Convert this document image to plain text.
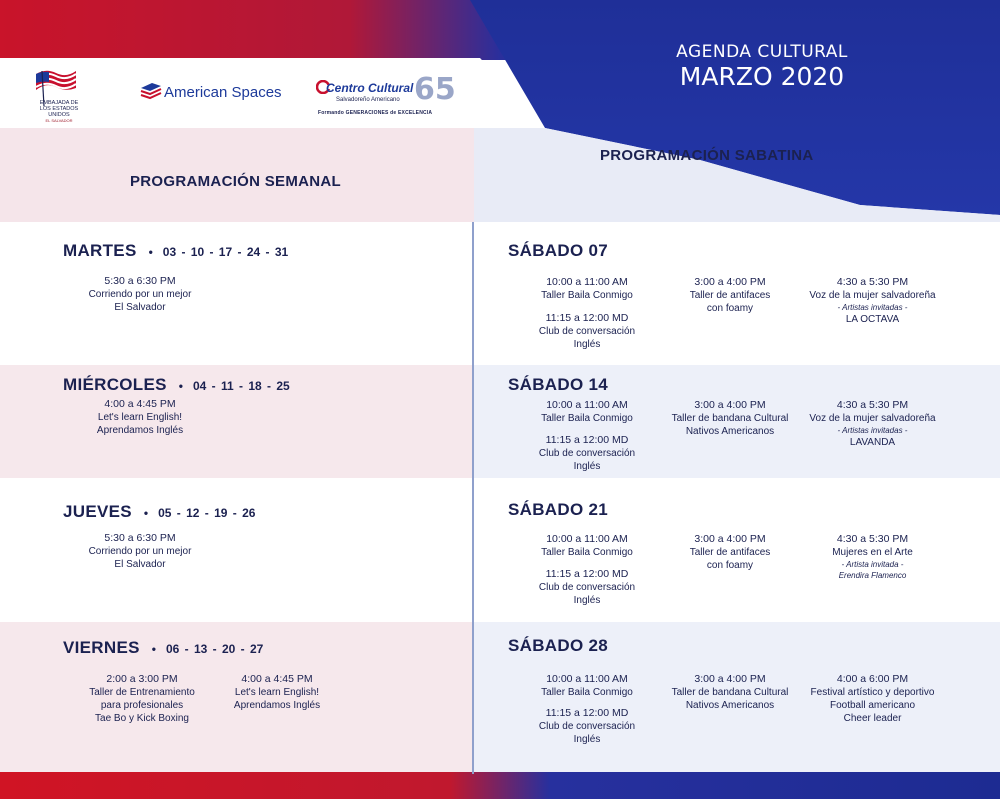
AGENDA CULTURAL
MARZO 2020
EMBAJADA DE LOS ESTADOS UNIDOS
EL SALVADOR
American Spaces	Centro Cultural
Salvadoreño Americano 65
Formando GENERACIONES de EXCELENCIA
PROGRAMACIÓN SEMANAL
PROGRAMACIÓN SABATINA
MARTES • 03 - 10 - 17 - 24 - 31
5:30 a 6:30 PM
Corriendo por un mejor
El Salvador
MIÉRCOLES • 04 - 11 - 18 - 25
4:00 a 4:45 PM
Let's learn English!
Aprendamos Inglés
JUEVES • 05 - 12 - 19 - 26
5:30 a 6:30 PM
Corriendo por un mejor
El Salvador
VIERNES • 06 - 13 - 20 - 27
2:00 a 3:00 PM
Taller de Entrenamiento
para profesionales
Tae Bo y Kick Boxing
4:00 a 4:45 PM
Let's learn English!
Aprendamos Inglés
SÁBADO 07
10:00 a 11:00 AM
Taller Baila Conmigo
11:15 a 12:00 MD
Club de conversación
Inglés
3:00 a 4:00 PM
Taller de antifaces
con foamy
4:30 a 5:30 PM
Voz de la mujer salvadoreña
- Artistas invitadas -
LA OCTAVA
SÁBADO 14
10:00 a 11:00 AM
Taller Baila Conmigo
11:15 a 12:00 MD
Club de conversación
Inglés
3:00 a 4:00 PM
Taller de bandana Cultural
Nativos Americanos
4:30 a 5:30 PM
Voz de la mujer salvadoreña
- Artistas invitadas -
LAVANDA
SÁBADO 21
10:00 a 11:00 AM
Taller Baila Conmigo
11:15 a 12:00 MD
Club de conversación
Inglés
3:00 a 4:00 PM
Taller de antifaces
con foamy
4:30 a 5:30 PM
Mujeres en el Arte
- Artista invitada -
Erendira Flamenco
SÁBADO 28
10:00 a 11:00 AM
Taller Baila Conmigo
11:15 a 12:00 MD
Club de conversación
Inglés
3:00 a 4:00 PM
Taller de bandana Cultural
Nativos Americanos
4:00 a 6:00 PM
Festival artístico y deportivo
Football americano
Cheer leader
